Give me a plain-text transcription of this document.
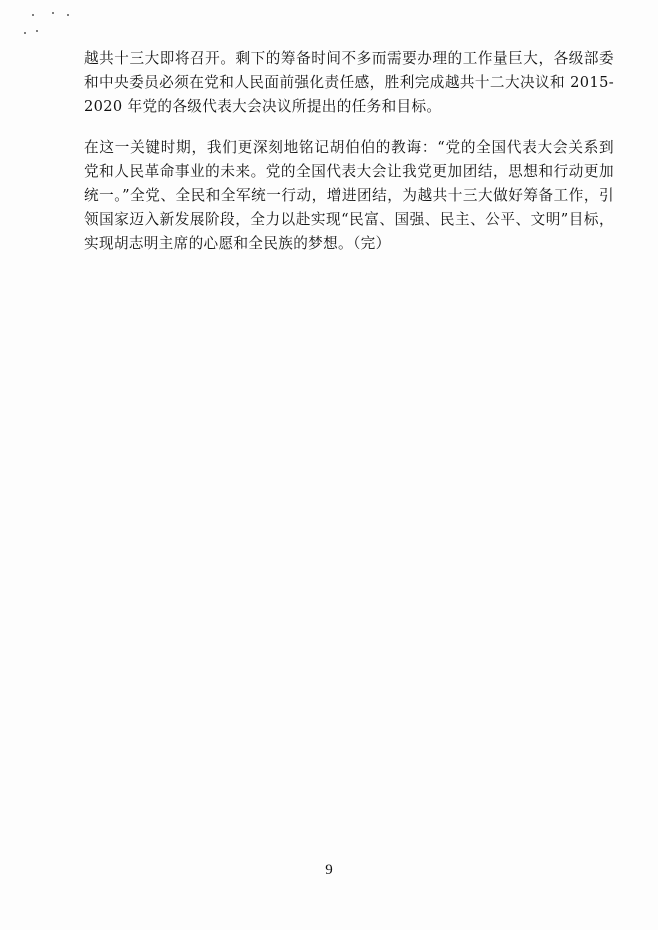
越共十三大即将召开。剩下的筹备时间不多而需要办理的工作量巨大，各级部委和中央委员必须在党和人民面前强化责任感，胜利完成越共十二大决议和 2015-2020 年党的各级代表大会决议所提出的任务和目标。

在这一关键时期，我们更深刻地铭记胡伯伯的教诲：“党的全国代表大会关系到党和人民革命事业的未来。党的全国代表大会让我党更加团结，思想和行动更加统一。”全党、全民和全军统一行动，增进团结，为越共十三大做好筹备工作，引领国家迈入新发展阶段，全力以赴实现“民富、国强、民主、公平、文明”目标，实现胡志明主席的心愿和全民族的梦想。（完）

9
